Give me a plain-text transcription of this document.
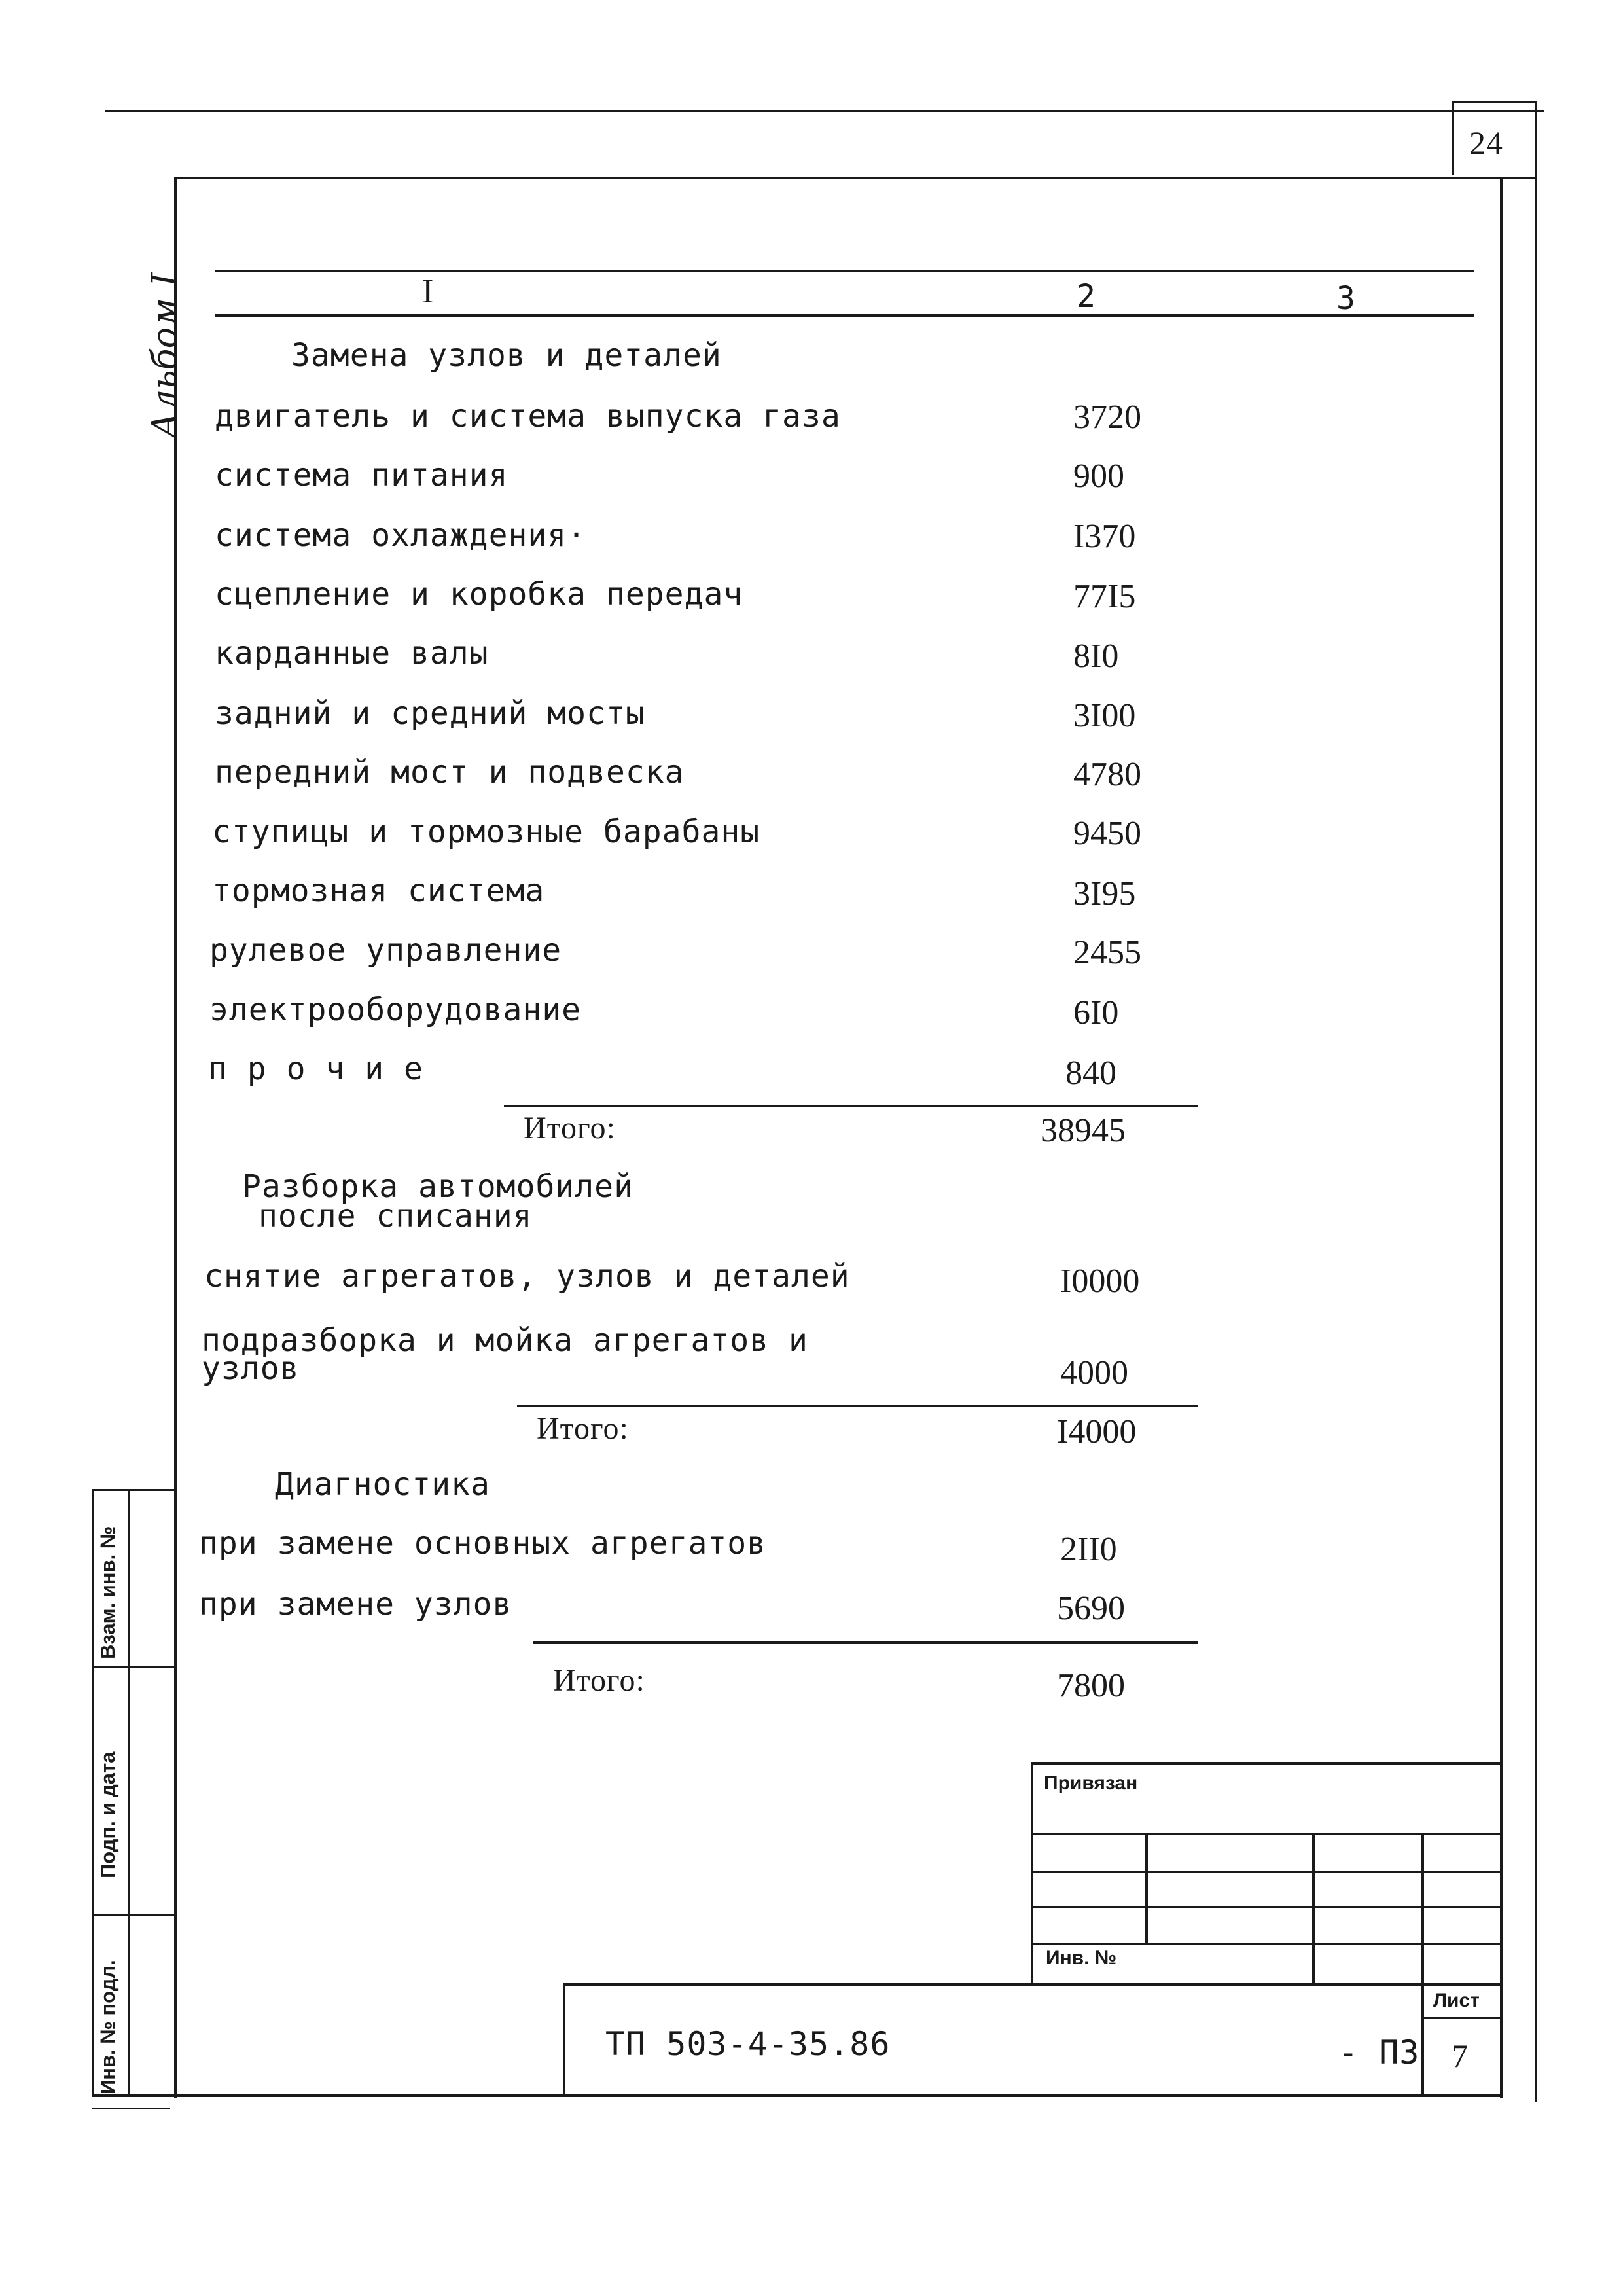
24
Альбом I	I	2	3
Замена узлов и деталей
двигатель и система выпуска газа	3720
система питания	900
система охлаждения·	I370
сцепление и коробка передач	77I5
карданные валы	8I0
задний и средний мосты	3I00
передний мост и подвеска	4780
ступицы и тормозные барабаны	9450
тормозная система	3I95
рулевое управление	2455
электрооборудование	6I0
п р о ч и е	840
Итого:	38945
Разборка автомобилей
после списания
снятие агрегатов, узлов и деталей	I0000
подразборка и мойка агрегатов и
узлов	4000
Итого:	I4000
Диагностика
при замене основных агрегатов	2II0
при замене узлов	5690
Итого:	7800
Привязан
Инв. №
Лист
ТП 503-4-35.86	- ПЗ 7
Взам. инв. №
Подп. и дата
Инв. № подл.
